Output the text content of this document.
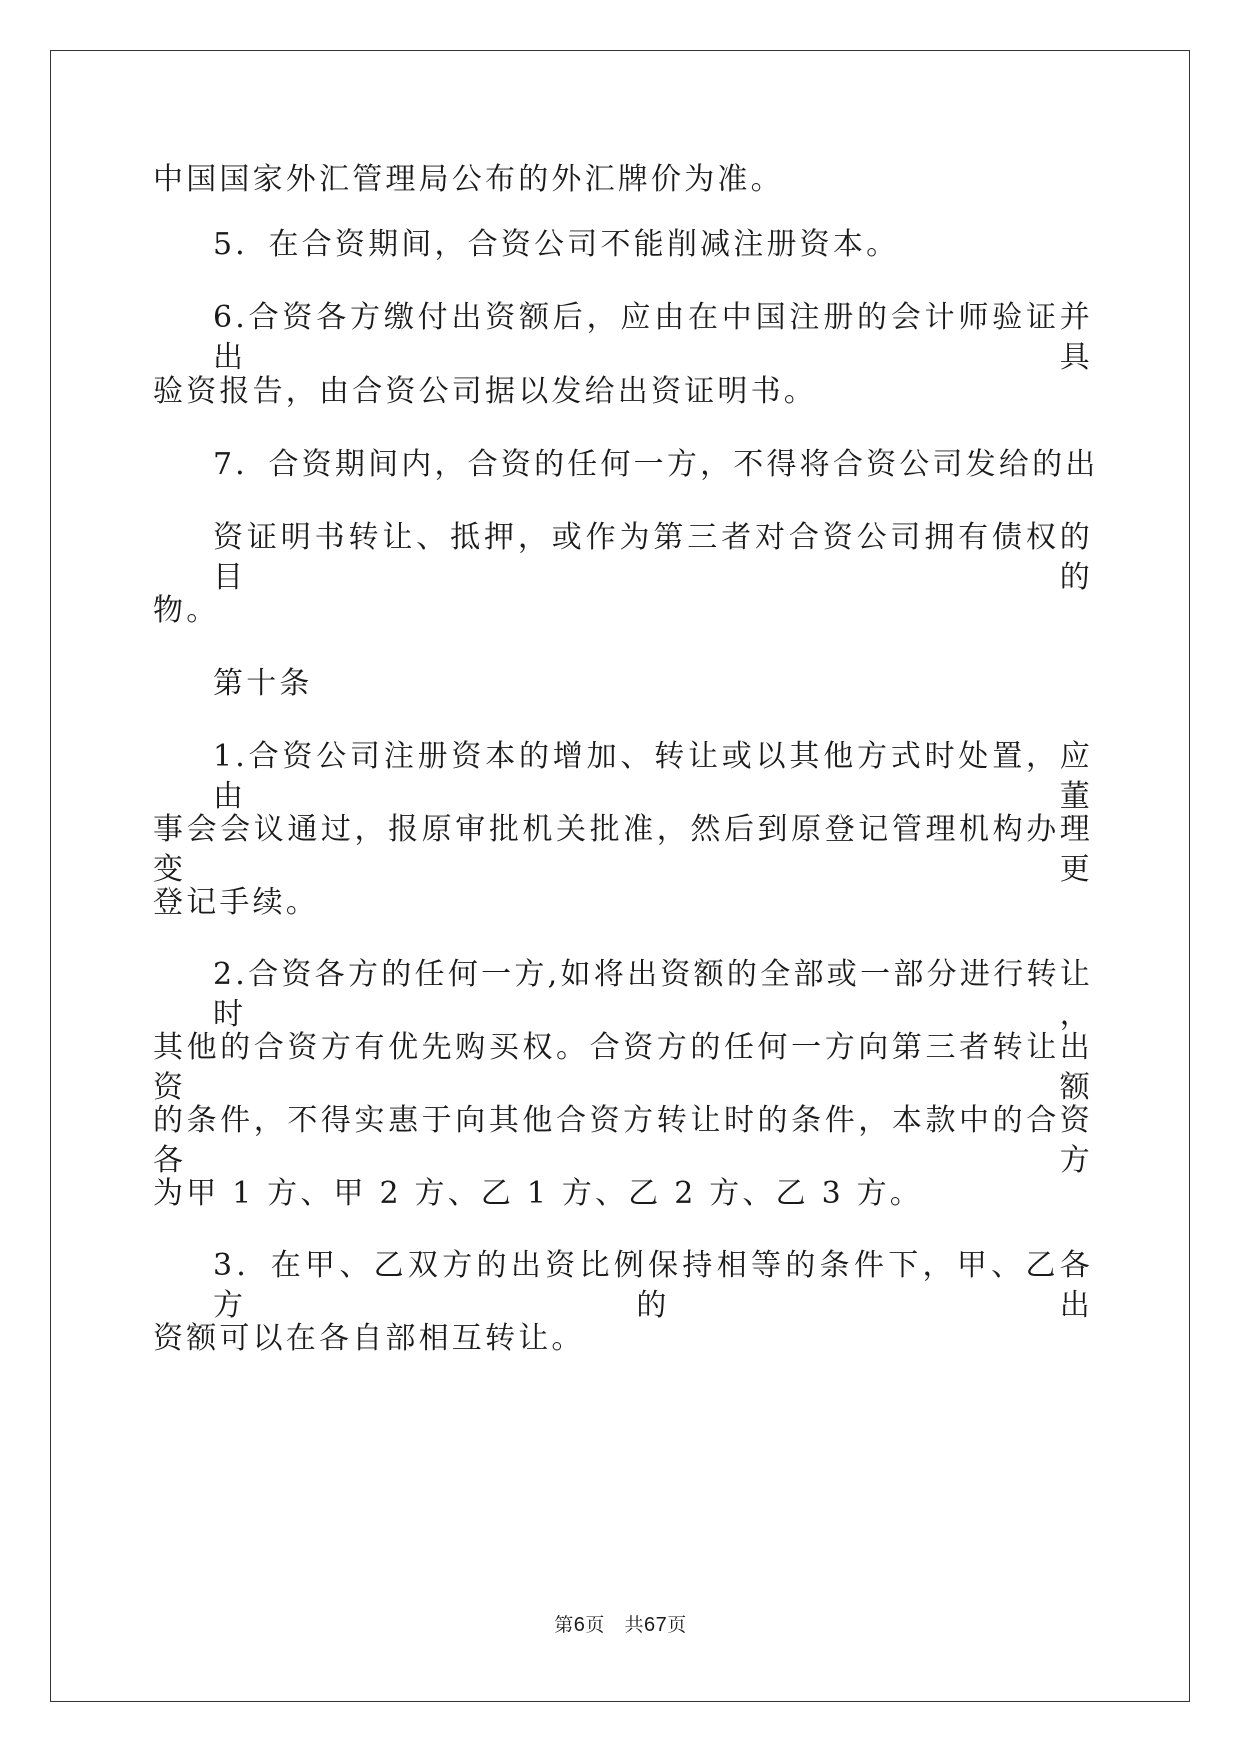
中国国家外汇管理局公布的外汇牌价为准。
5．在合资期间，合资公司不能削减注册资本。
6.合资各方缴付出资额后，应由在中国注册的会计师验证并出具
验资报告，由合资公司据以发给出资证明书。
7．合资期间内，合资的任何一方，不得将合资公司发给的出
资证明书转让、抵押，或作为第三者对合资公司拥有债权的目的
物。
第十条
1.合资公司注册资本的增加、转让或以其他方式时处置，应由董
事会会议通过，报原审批机关批准，然后到原登记管理机构办理变更
登记手续。
2.合资各方的任何一方,如将出资额的全部或一部分进行转让时，
其他的合资方有优先购买权。合资方的任何一方向第三者转让出资额
的条件，不得实惠于向其他合资方转让时的条件，本款中的合资各方
为甲 1 方、甲 2 方、乙 1 方、乙 2 方、乙 3 方。
3．在甲、乙双方的出资比例保持相等的条件下，甲、乙各方的出
资额可以在各自部相互转让。
第6页 共67页
